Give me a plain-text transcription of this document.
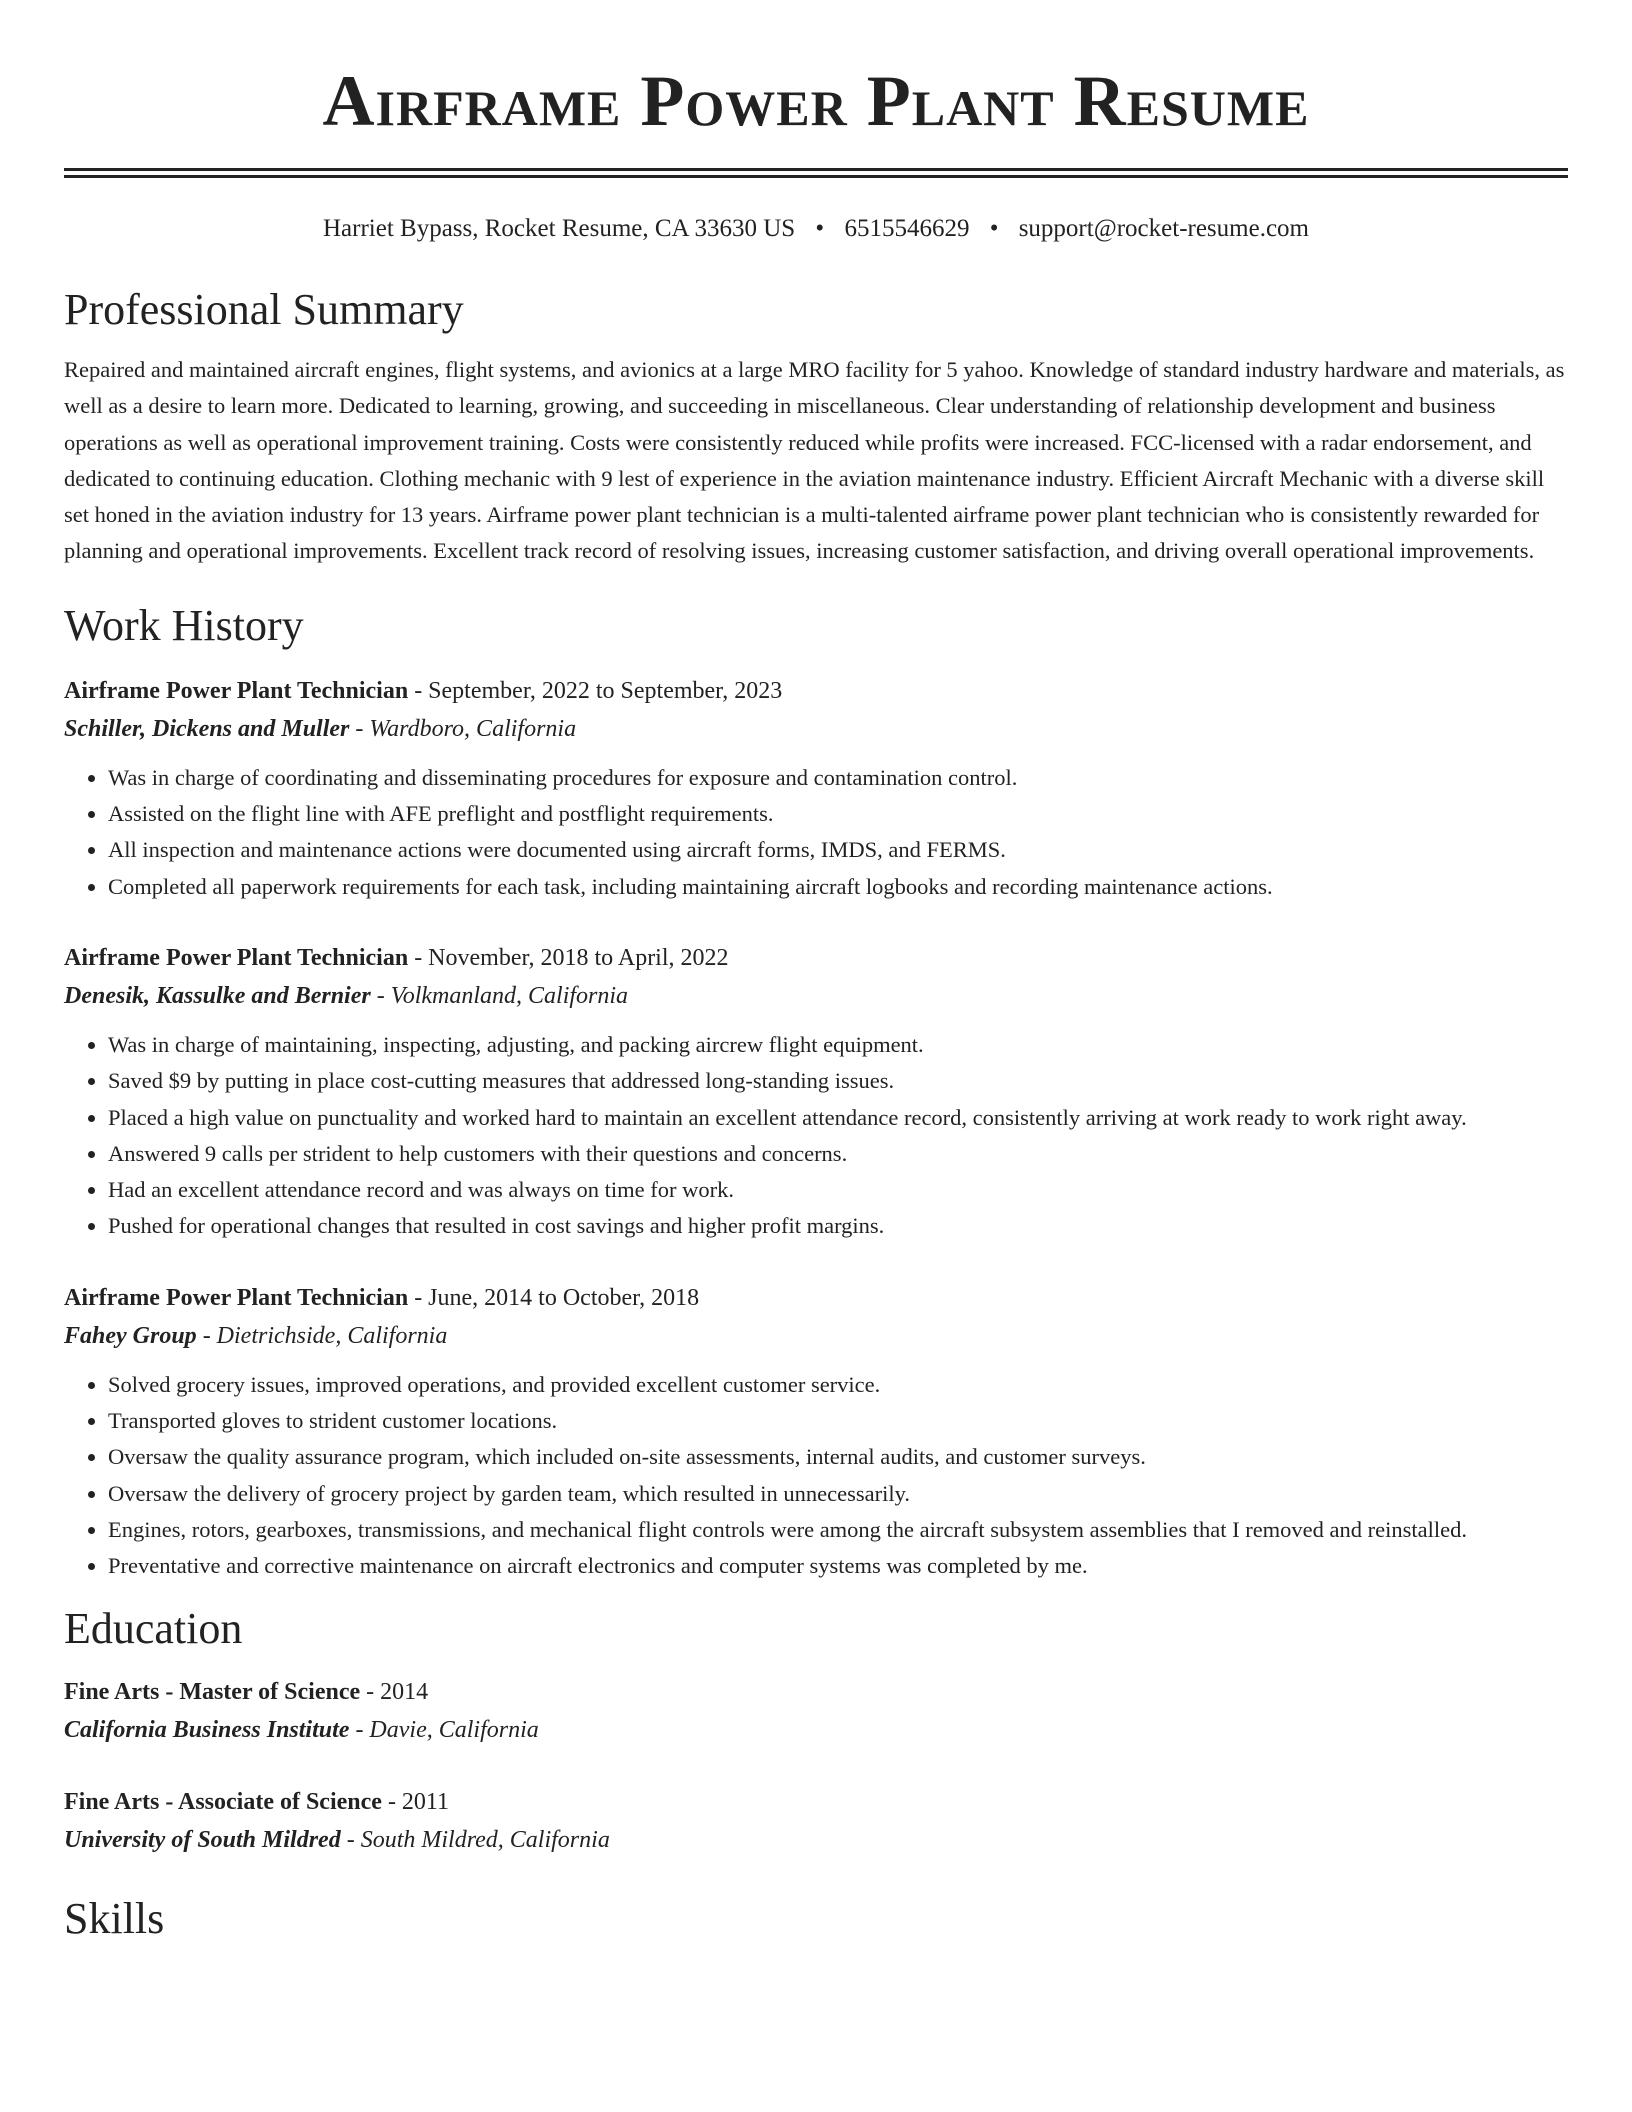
Airframe Power Plant Resume
Harriet Bypass, Rocket Resume, CA 33630 US • 6515546629 • support@rocket-resume.com
Professional Summary

Repaired and maintained aircraft engines, flight systems, and avionics at a large MRO facility for 5 yahoo. Knowledge of standard industry hardware and materials, as well as a desire to learn more. Dedicated to learning, growing, and succeeding in miscellaneous. Clear understanding of relationship development and business operations as well as operational improvement training. Costs were consistently reduced while profits were increased. FCC-licensed with a radar endorsement, and dedicated to continuing education. Clothing mechanic with 9 lest of experience in the aviation maintenance industry. Efficient Aircraft Mechanic with a diverse skill set honed in the aviation industry for 13 years. Airframe power plant technician is a multi-talented airframe power plant technician who is consistently rewarded for planning and operational improvements. Excellent track record of resolving issues, increasing customer satisfaction, and driving overall operational improvements.

Work History
Airframe Power Plant Technician - September, 2022 to September, 2023
Schiller, Dickens and Muller - Wardboro, California
• Was in charge of coordinating and disseminating procedures for exposure and contamination control.
• Assisted on the flight line with AFE preflight and postflight requirements.
• All inspection and maintenance actions were documented using aircraft forms, IMDS, and FERMS.
• Completed all paperwork requirements for each task, including maintaining aircraft logbooks and recording maintenance actions.
Airframe Power Plant Technician - November, 2018 to April, 2022
Denesik, Kassulke and Bernier - Volkmanland, California
• Was in charge of maintaining, inspecting, adjusting, and packing aircrew flight equipment.
• Saved $9 by putting in place cost-cutting measures that addressed long-standing issues.
• Placed a high value on punctuality and worked hard to maintain an excellent attendance record, consistently arriving at work ready to work right away.
• Answered 9 calls per strident to help customers with their questions and concerns.
• Had an excellent attendance record and was always on time for work.
• Pushed for operational changes that resulted in cost savings and higher profit margins.
Airframe Power Plant Technician - June, 2014 to October, 2018
Fahey Group - Dietrichside, California
• Solved grocery issues, improved operations, and provided excellent customer service.
• Transported gloves to strident customer locations.
• Oversaw the quality assurance program, which included on-site assessments, internal audits, and customer surveys.
• Oversaw the delivery of grocery project by garden team, which resulted in unnecessarily.
• Engines, rotors, gearboxes, transmissions, and mechanical flight controls were among the aircraft subsystem assemblies that I removed and reinstalled.
• Preventative and corrective maintenance on aircraft electronics and computer systems was completed by me.
Education
Fine Arts - Master of Science - 2014
California Business Institute - Davie, California
Fine Arts - Associate of Science - 2011
University of South Mildred - South Mildred, California
Skills
